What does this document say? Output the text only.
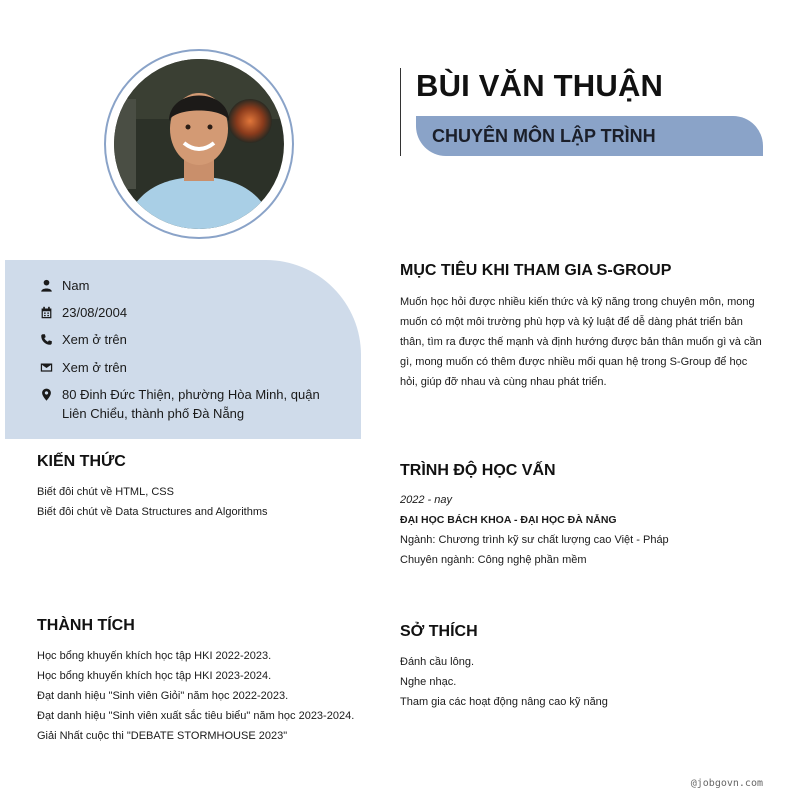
BÙI VĂN THUẬN
CHUYÊN MÔN LẬP TRÌNH
Nam
23/08/2004
Xem ở trên
Xem ở trên
80 Đinh Đức Thiện, phường Hòa Minh, quận
Liên Chiểu, thành phố Đà Nẵng
MỤC TIÊU KHI THAM GIA S-GROUP
Muốn học hỏi được nhiều kiến thức và kỹ năng trong chuyên môn, mong
muốn có một môi trường phù hợp và kỷ luật để dễ dàng phát triển bản
thân, tìm ra được thế mạnh và định hướng được bản thân muốn gì và cần
gì, mong muốn có thêm được nhiều mối quan hệ trong S-Group để học
hỏi, giúp đỡ nhau và cùng nhau phát triển.
KIẾN THỨC
Biết đôi chút về HTML, CSS
Biết đôi chút về Data Structures and Algorithms
TRÌNH ĐỘ HỌC VẤN
2022 - nay
ĐẠI HỌC BÁCH KHOA - ĐẠI HỌC ĐÀ NẴNG
Ngành: Chương trình kỹ sư chất lượng cao Việt - Pháp
Chuyên ngành: Công nghệ phần mềm
THÀNH TÍCH
Học bổng khuyến khích học tập HKI 2022-2023.
Học bổng khuyến khích học tập HKI 2023-2024.
Đạt danh hiệu "Sinh viên Giỏi" năm học 2022-2023.
Đạt danh hiệu "Sinh viên xuất sắc tiêu biểu" năm học 2023-2024.
Giải Nhất cuộc thi "DEBATE STORMHOUSE 2023"
SỞ THÍCH
Đánh cầu lông.
Nghe nhạc.
Tham gia các hoạt động nâng cao kỹ năng
@jobgovn.com
